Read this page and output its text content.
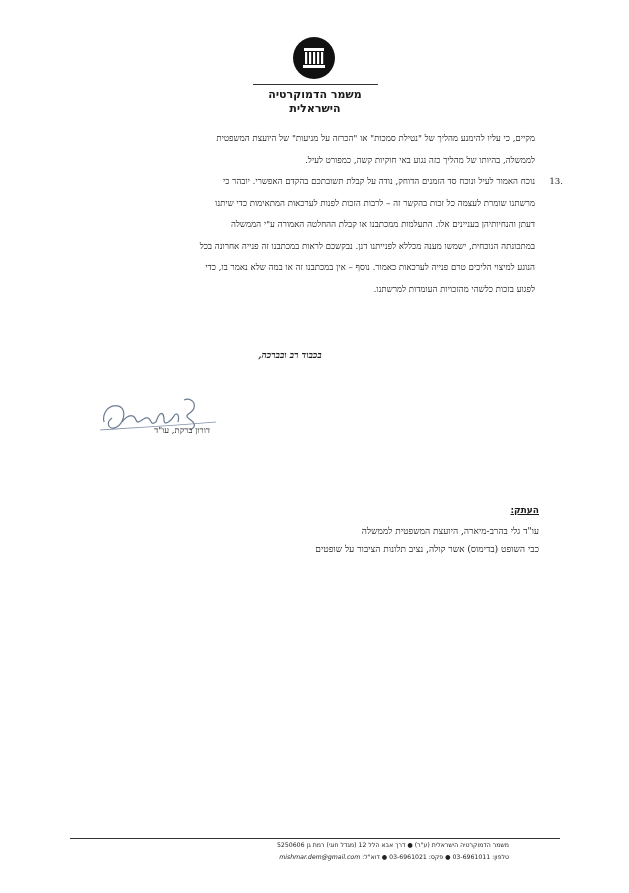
משמר הדמוקרטיה
הישראלית
מקיים, כי עליו להימנע מהליך של "נטילת סמכות" או "הכרזה על מניעות" של היועצת המשפטית
לממשלה, בהיותו של מהליך כזה נגוע באי חוקיות קשה, כמפורט לעיל.
13.
נוכח האמור לעיל ונוכח סד הזמנים הדוחק, נודה על קבלת תשובתכם בהקדם האפשרי. יובהר כי
מרשתנו שומרת לעצמה כל זכות בהקשר זה – לרבות הזכות לפנות לערכאות המתאימות כדי שיתנו
דעתן והנחיותיהן בעניינים אלו. התעלמות ממכתבנו או קבלת ההחלטה האמורה ע"י הממשלה
במתכונתה הנוכחית, ישמשו מענה מכללא לפנייתנו דנן. נבקשכם לראות במכתבנו זה פנייה אחרונה בכל
הנוגע למיצוי הליכים טרם פנייה לערכאות כאמור. נוסף – אין במכתבנו זה או במה שלא נאמר בו, כדי
לפגוע בזכות כלשהי מהזכויות העומדות למרשתנו.
בכבוד רב ובברכה,
דורון ברקת, עו"ד
העתק:
עו"ד גלי בהרב-מיארה, היועצת המשפטית לממשלה
כבי השופט (בדימוס) אשר קולה, נציב תלונות הציבור על שופטים
משמר הדמוקרטיה הישראלית (ע"ר) ● דרך אבא הלל 12 (מגדל חוגי) רמת גן 5250606
טלפון: 03-6961011 ● פקס: 03-6961021 ● דוא"ל: mishmar.dem@gmail.com
